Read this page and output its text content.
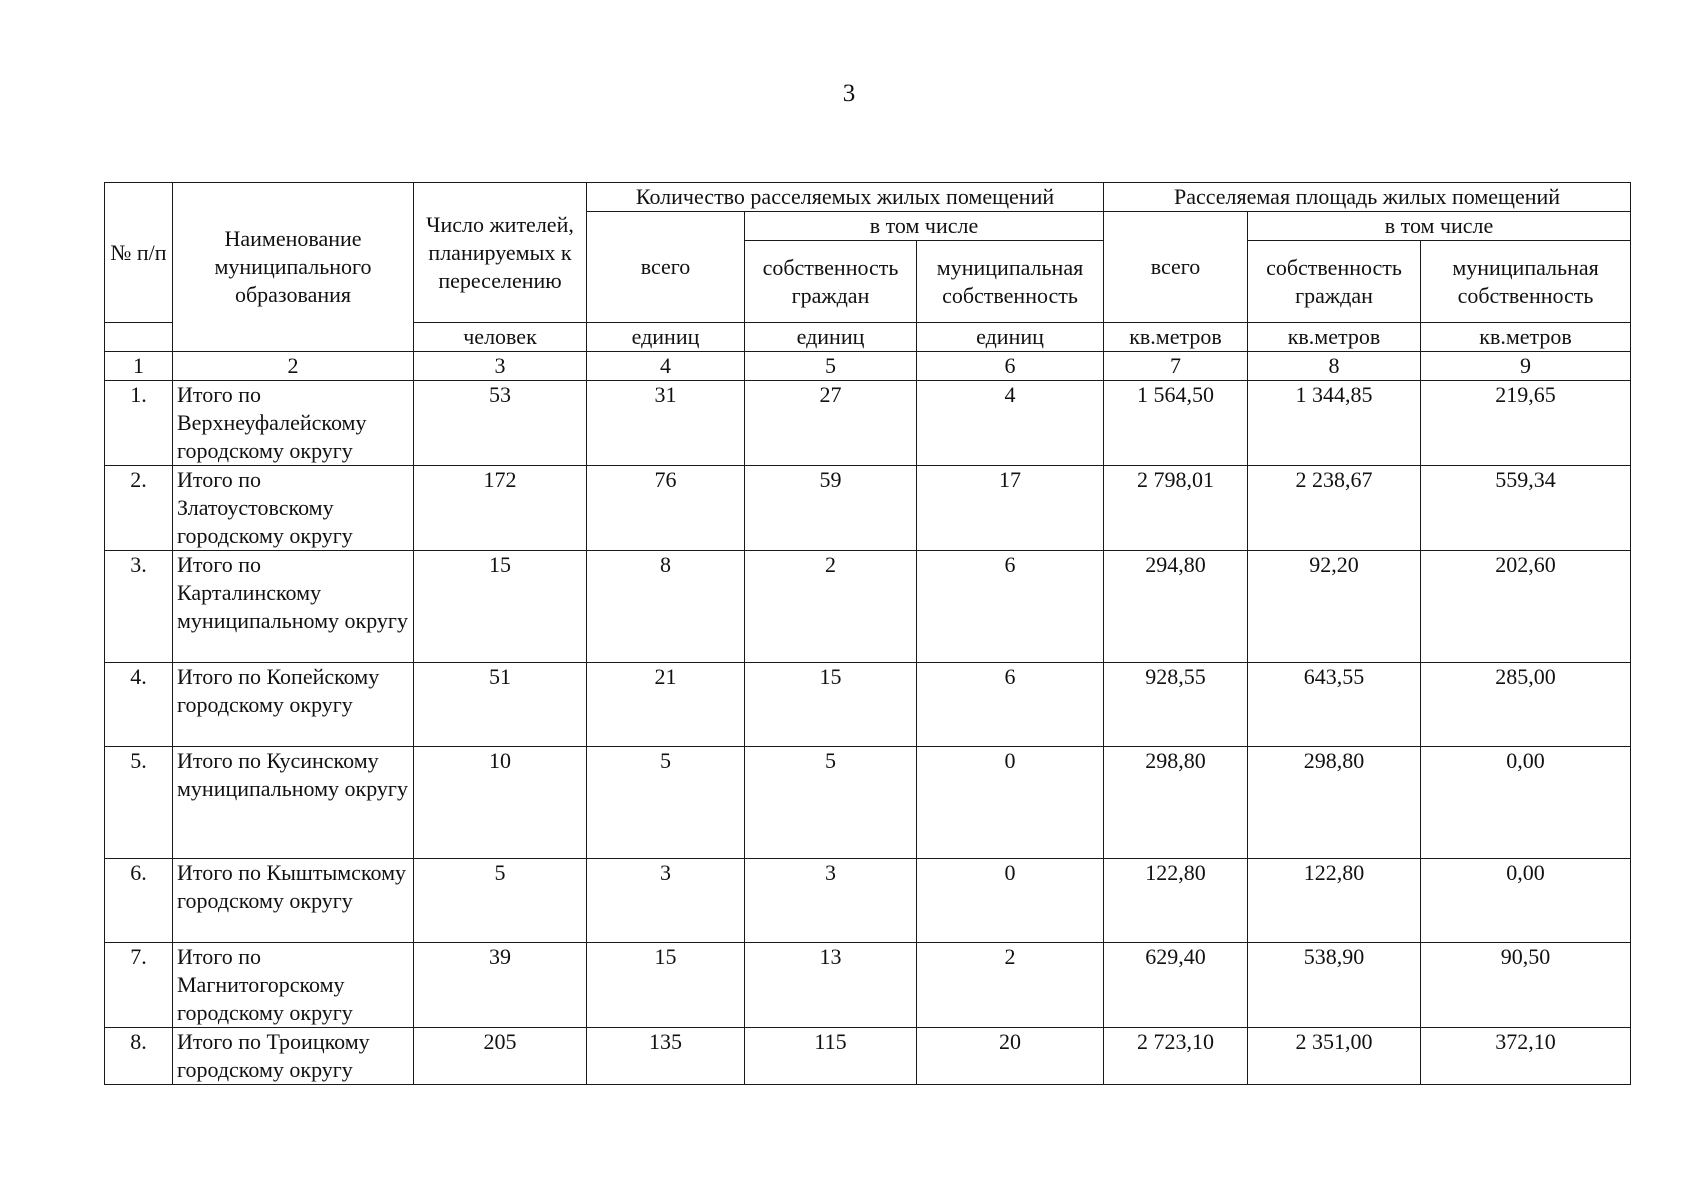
3
№ п/п	Наименование муниципального образования	Число жителей, планируемых к переселению	Количество расселяемых жилых помещений			Расселяемая площадь жилых помещений		
			всего	в том числе		всего	в том числе	
				собственность граждан	муниципальная собственность		собственность граждан	муниципальная собственность
		человек	единиц	единиц	единиц	кв.метров	кв.метров	кв.метров
1	2	3	4	5	6	7	8	9
1.	Итого по Верхнеуфалейскому городскому округу	53	31	27	4	1 564,50	1 344,85	219,65
2.	Итого по Златоустовскому городскому округу	172	76	59	17	2 798,01	2 238,67	559,34
3.	Итого по Карталинскому муниципальному округу	15	8	2	6	294,80	92,20	202,60
4.	Итого по Копейскому городскому округу	51	21	15	6	928,55	643,55	285,00
5.	Итого по Кусинскому муниципальному округу	10	5	5	0	298,80	298,80	0,00
6.	Итого по Кыштымскому городскому округу	5	3	3	0	122,80	122,80	0,00
7.	Итого по Магнитогорскому городскому округу	39	15	13	2	629,40	538,90	90,50
8.	Итого по Троицкому городскому округу	205	135	115	20	2 723,10	2 351,00	372,10
